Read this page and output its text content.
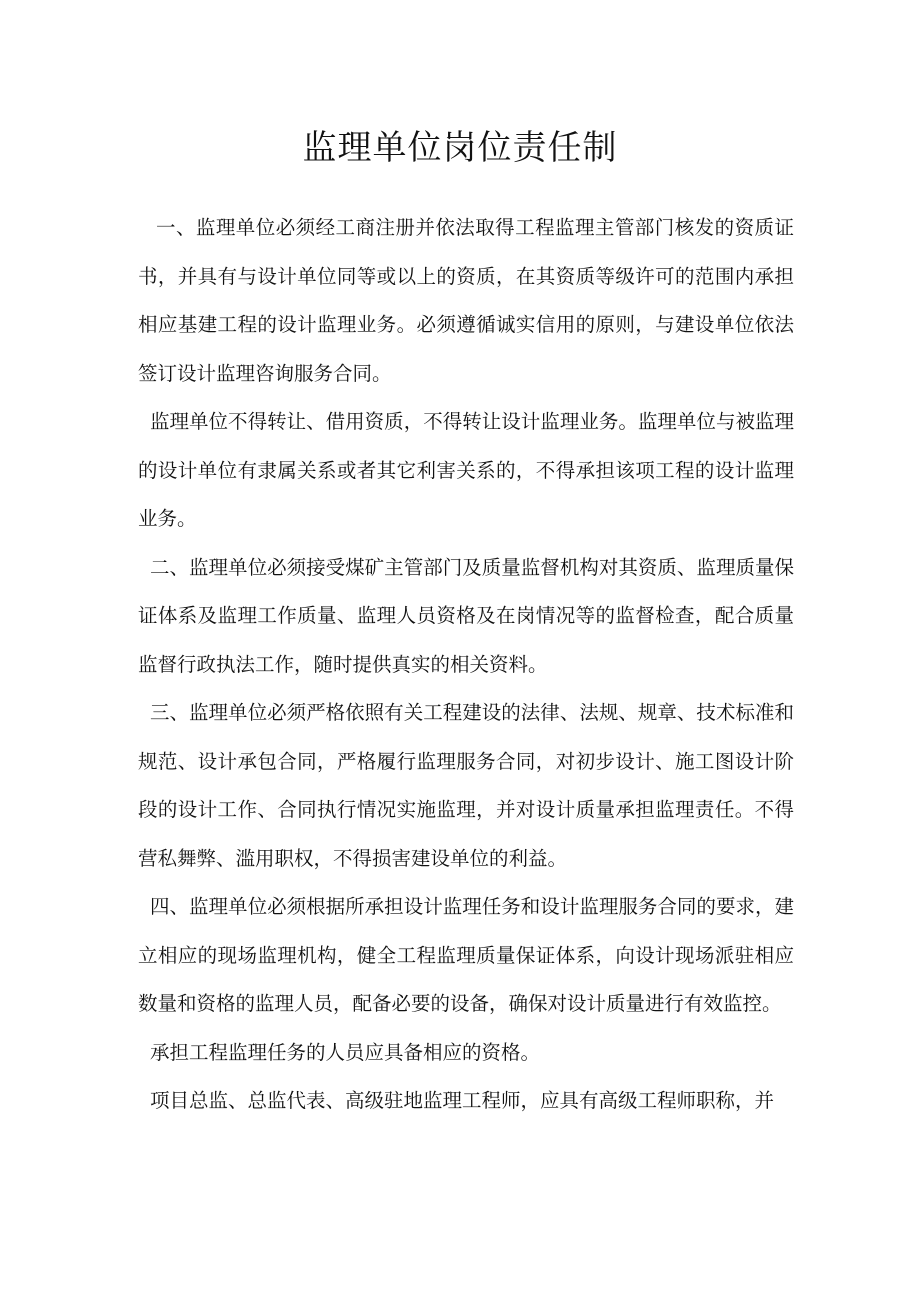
监理单位岗位责任制

一、监理单位必须经工商注册并依法取得工程监理主管部门核发的资质证书，并具有与设计单位同等或以上的资质，在其资质等级许可的范围内承担相应基建工程的设计监理业务。必须遵循诚实信用的原则，与建设单位依法签订设计监理咨询服务合同。

监理单位不得转让、借用资质，不得转让设计监理业务。监理单位与被监理的设计单位有隶属关系或者其它利害关系的，不得承担该项工程的设计监理业务。

二、监理单位必须接受煤矿主管部门及质量监督机构对其资质、监理质量保证体系及监理工作质量、监理人员资格及在岗情况等的监督检查，配合质量监督行政执法工作，随时提供真实的相关资料。

三、监理单位必须严格依照有关工程建设的法律、法规、规章、技术标准和规范、设计承包合同，严格履行监理服务合同，对初步设计、施工图设计阶段的设计工作、合同执行情况实施监理，并对设计质量承担监理责任。不得营私舞弊、滥用职权，不得损害建设单位的利益。

四、监理单位必须根据所承担设计监理任务和设计监理服务合同的要求，建立相应的现场监理机构，健全工程监理质量保证体系，向设计现场派驻相应数量和资格的监理人员，配备必要的设备，确保对设计质量进行有效监控。

承担工程监理任务的人员应具备相应的资格。

项目总监、总监代表、高级驻地监理工程师，应具有高级工程师职称，并
